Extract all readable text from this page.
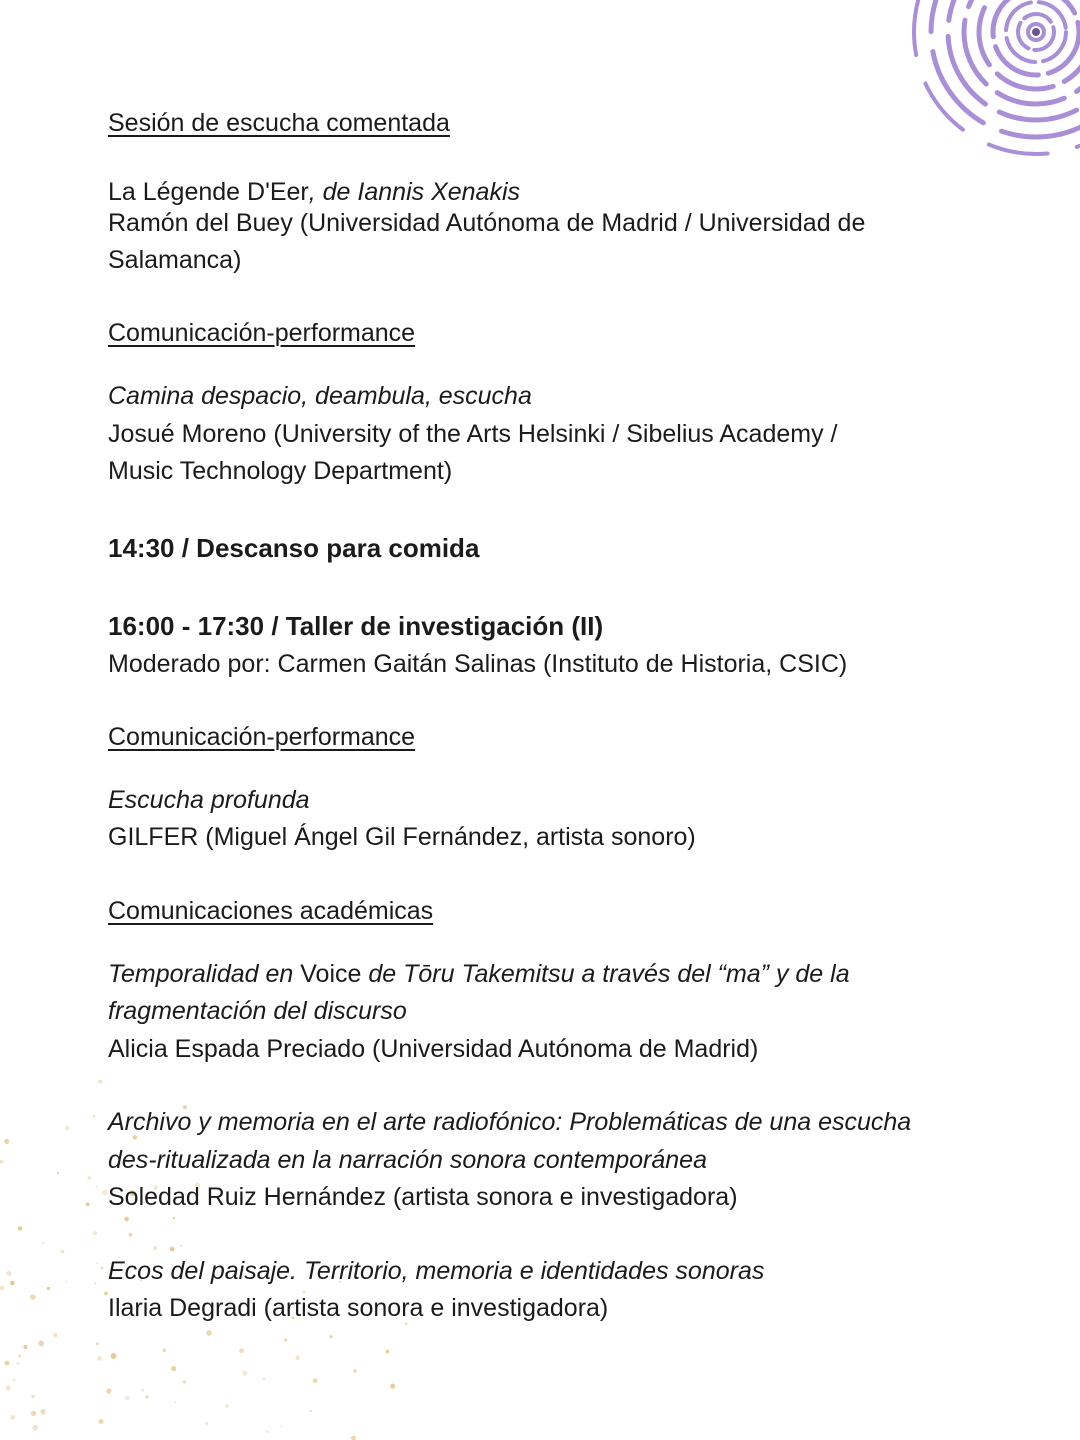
Sesión de escucha comentada
La Légende D'Eer, de Iannis Xenakis
Ramón del Buey (Universidad Autónoma de Madrid / Universidad de
Salamanca)
Comunicación-performance
Camina despacio, deambula, escucha
Josué Moreno (University of the Arts Helsinki / Sibelius Academy /
Music Technology Department)
14:30 / Descanso para comida
16:00 - 17:30 / Taller de investigación (II)
Moderado por: Carmen Gaitán Salinas (Instituto de Historia, CSIC)
Comunicación-performance
Escucha profunda
GILFER (Miguel Ángel Gil Fernández, artista sonoro)
Comunicaciones académicas
Temporalidad en Voice de Tōru Takemitsu a través del “ma” y de la
fragmentación del discurso
Alicia Espada Preciado (Universidad Autónoma de Madrid)
Archivo y memoria en el arte radiofónico: Problemáticas de una escucha
des-ritualizada en la narración sonora contemporánea
Soledad Ruiz Hernández (artista sonora e investigadora)
Ecos del paisaje. Territorio, memoria e identidades sonoras
Ilaria Degradi (artista sonora e investigadora)
